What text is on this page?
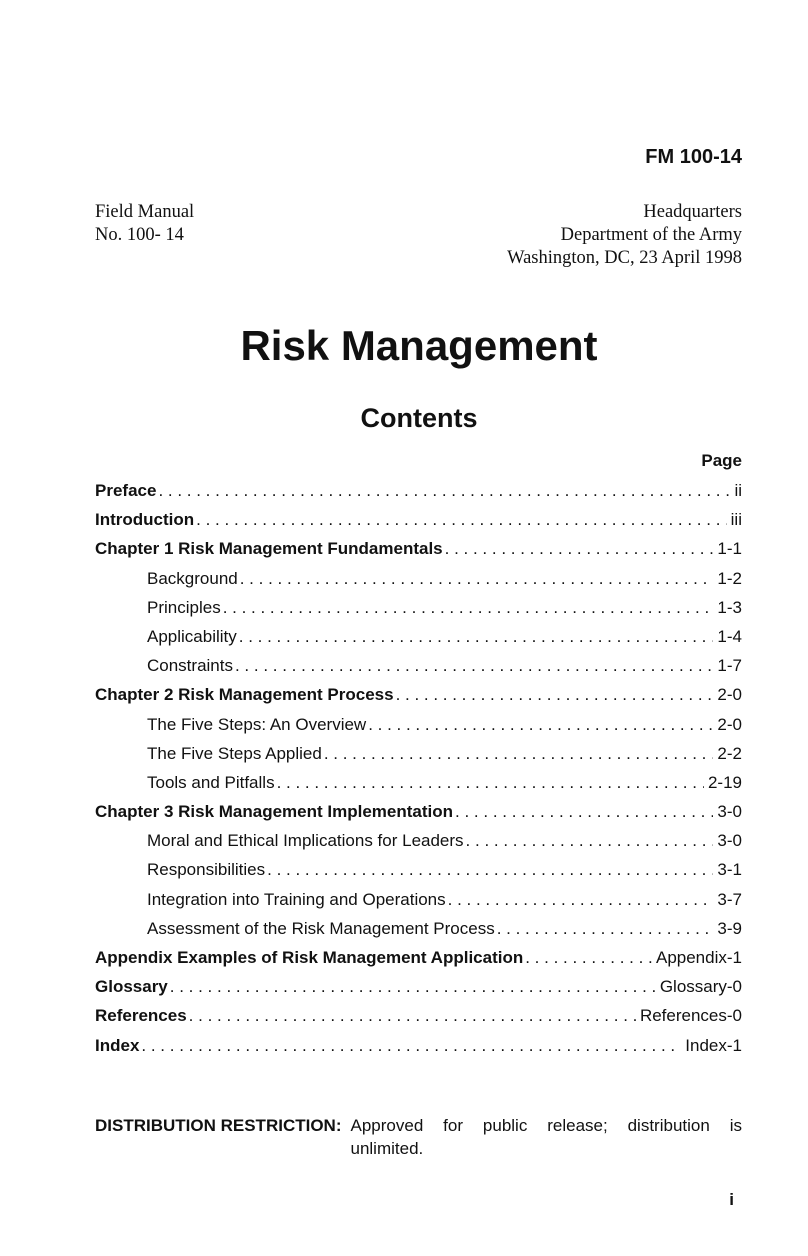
FM 100-14
Field Manual
No. 100- 14
Headquarters
Department of the Army
Washington, DC, 23 April 1998
Risk Management
Contents
Page
Preface . . .	ii
Introduction . . .	iii
Chapter 1 Risk Management Fundamentals . . .	1-1
Background . . .	1-2
Principles . . .	1-3
Applicability . . .	1-4
Constraints . . .	1-7
Chapter 2 Risk Management Process . . .	2-0
The Five Steps: An Overview . . .	2-0
The Five Steps Applied . . .	2-2
Tools and Pitfalls . . .	2-19
Chapter 3 Risk Management Implementation . . .	3-0
Moral and Ethical Implications for Leaders . . .	3-0
Responsibilities . . .	3-1
Integration into Training and Operations . . .	3-7
Assessment of the Risk Management Process . . .	3-9
Appendix Examples of Risk Management Application . . .	Appendix-1
Glossary . . .	Glossary-0
References . . .	References-0
Index . . .	Index-1
DISTRIBUTION RESTRICTION: Approved for public release; distribution is unlimited.
i
